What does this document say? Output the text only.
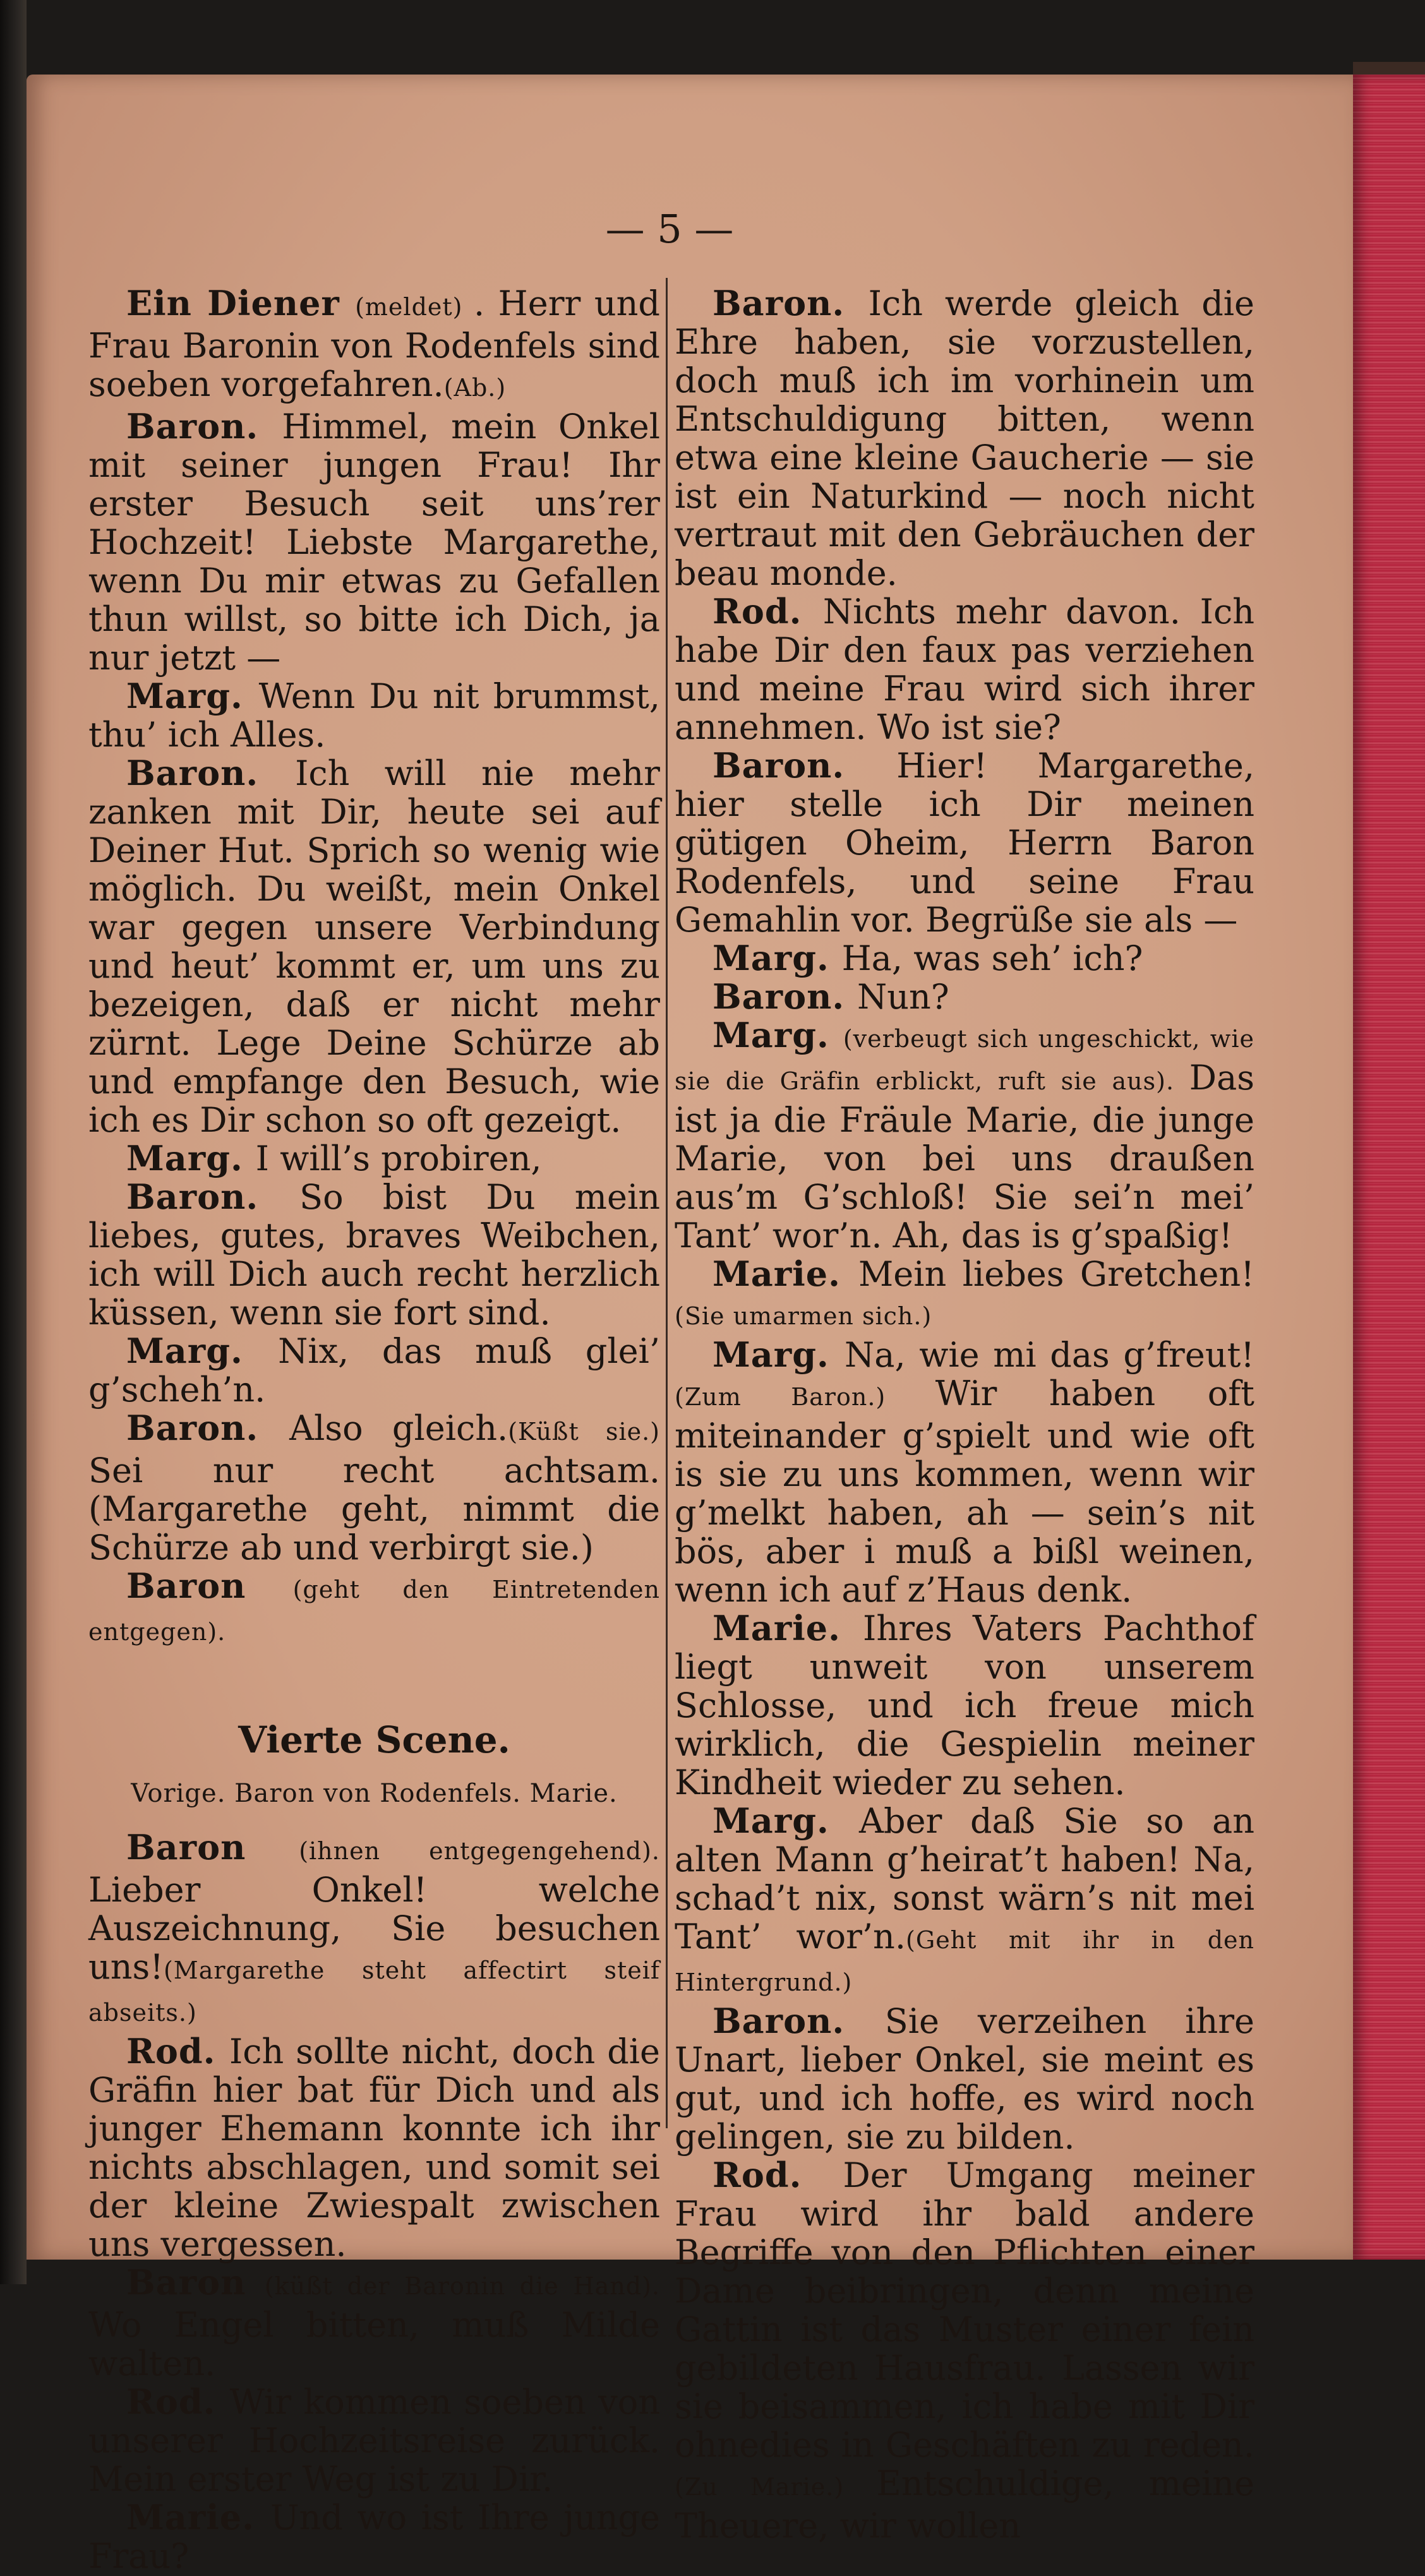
— 5 —

Ein Diener (meldet) . Herr und Frau Baronin von Rodenfels sind soeben vorgefahren.(Ab.)

Baron. Himmel, mein Onkel mit seiner jungen Frau! Ihr erster Besuch seit uns’rer Hochzeit! Liebste Margarethe, wenn Du mir etwas zu Gefallen thun willst, so bitte ich Dich, ja nur jetzt —

Marg. Wenn Du nit brummst, thu’ ich Alles.

Baron. Ich will nie mehr zanken mit Dir, heute sei auf Deiner Hut. Sprich so wenig wie möglich. Du weißt, mein Onkel war gegen unsere Verbindung und heut’ kommt er, um uns zu bezeigen, daß er nicht mehr zürnt. Lege Deine Schürze ab und empfange den Besuch, wie ich es Dir schon so oft gezeigt.

Marg. I will’s probiren,

Baron. So bist Du mein liebes, gutes, braves Weibchen, ich will Dich auch recht herzlich küssen, wenn sie fort sind.

Marg. Nix, das muß glei’ g’scheh’n.

Baron. Also gleich.(Küßt sie.) Sei nur recht achtsam. (Margarethe geht, nimmt die Schürze ab und verbirgt sie.)

Baron (geht den Eintretenden entgegen).

Vierte Scene.
Vorige. Baron von Rodenfels. Marie.

Baron (ihnen entgegengehend). Lieber Onkel! welche Auszeichnung, Sie besuchen uns!(Margarethe steht affectirt steif abseits.)

Rod. Ich sollte nicht, doch die Gräfin hier bat für Dich und als junger Ehemann konnte ich ihr nichts abschlagen, und somit sei der kleine Zwiespalt zwischen uns vergessen.

Baron (küßt der Baronin die Hand). Wo Engel bitten, muß Milde walten.

Rod. Wir kommen soeben von unserer Hochzeitsreise zurück. Mein erster Weg ist zu Dir.

Marie. Und wo ist Ihre junge Frau?

Baron. Ich werde gleich die Ehre haben, sie vorzustellen, doch muß ich im vorhinein um Entschuldigung bitten, wenn etwa eine kleine Gaucherie — sie ist ein Naturkind — noch nicht vertraut mit den Gebräuchen der beau monde.

Rod. Nichts mehr davon. Ich habe Dir den faux pas verziehen und meine Frau wird sich ihrer annehmen. Wo ist sie?

Baron. Hier! Margarethe, hier stelle ich Dir meinen gütigen Oheim, Herrn Baron Rodenfels, und seine Frau Gemahlin vor. Begrüße sie als —

Marg. Ha, was seh’ ich?

Baron. Nun?

Marg. (verbeugt sich ungeschickt, wie sie die Gräfin erblickt, ruft sie aus). Das ist ja die Fräule Marie, die junge Marie, von bei uns draußen aus’m G’schloß! Sie sei’n mei’ Tant’ wor’n. Ah, das is g’spaßig!

Marie. Mein liebes Gretchen!(Sie umarmen sich.)

Marg. Na, wie mi das g’freut!(Zum Baron.) Wir haben oft miteinander g’spielt und wie oft is sie zu uns kommen, wenn wir g’melkt haben, ah — sein’s nit bös, aber i muß a bißl weinen, wenn ich auf z’Haus denk.

Marie. Ihres Vaters Pachthof liegt unweit von unserem Schlosse, und ich freue mich wirklich, die Gespielin meiner Kindheit wieder zu sehen.

Marg. Aber daß Sie so an alten Mann g’heirat’t haben! Na, schad’t nix, sonst wärn’s nit mei Tant’ wor’n.(Geht mit ihr in den Hintergrund.)

Baron. Sie verzeihen ihre Unart, lieber Onkel, sie meint es gut, und ich hoffe, es wird noch gelingen, sie zu bilden.

Rod. Der Umgang meiner Frau wird ihr bald andere Begriffe von den Pflichten einer Dame beibringen, denn meine Gattin ist das Muster einer fein gebildeten Hausfrau. Lassen wir sie beisammen, ich habe mit Dir ohnedies in Geschäften zu reden.(Zu Marie.) Entschuldige, meine Theuere, wir wollen
